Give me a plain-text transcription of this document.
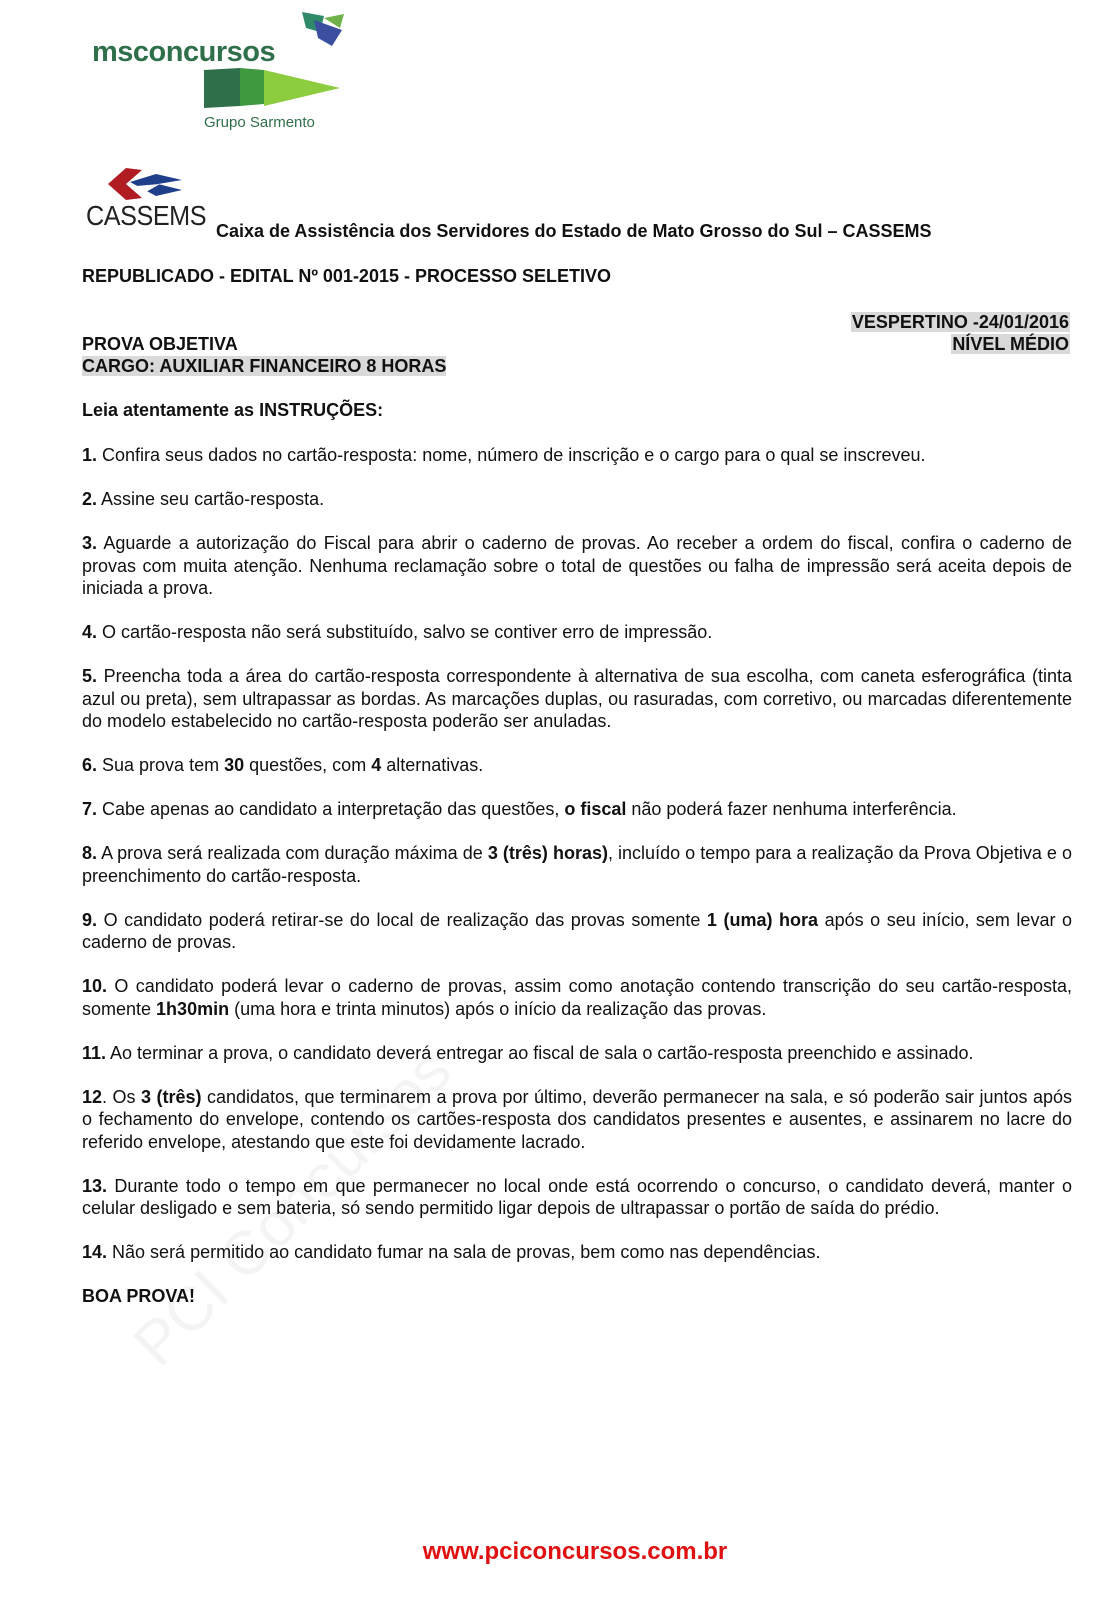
msconcursos
Grupo Sarmento
CASSEMS Caixa de Assistência dos Servidores do Estado de Mato Grosso do Sul – CASSEMS
REPUBLICADO - EDITAL Nº 001-2015 - PROCESSO SELETIVO
VESPERTINO -24/01/2016
NÍVEL MÉDIO
PROVA OBJETIVA
CARGO: AUXILIAR FINANCEIRO 8 HORAS
Leia atentamente as INSTRUÇÕES:
1. Confira seus dados no cartão-resposta: nome, número de inscrição e o cargo para o qual se inscreveu.
2. Assine seu cartão-resposta.
3. Aguarde a autorização do Fiscal para abrir o caderno de provas. Ao receber a ordem do fiscal, confira o caderno de provas com muita atenção. Nenhuma reclamação sobre o total de questões ou falha de impressão será aceita depois de iniciada a prova.
4. O cartão-resposta não será substituído, salvo se contiver erro de impressão.
5. Preencha toda a área do cartão-resposta correspondente à alternativa de sua escolha, com caneta esferográfica (tinta azul ou preta), sem ultrapassar as bordas. As marcações duplas, ou rasuradas, com corretivo, ou marcadas diferentemente do modelo estabelecido no cartão-resposta poderão ser anuladas.
6. Sua prova tem 30 questões, com 4 alternativas.
7. Cabe apenas ao candidato a interpretação das questões, o fiscal não poderá fazer nenhuma interferência.
8. A prova será realizada com duração máxima de 3 (três) horas), incluído o tempo para a realização da Prova Objetiva e o preenchimento do cartão-resposta.
9. O candidato poderá retirar-se do local de realização das provas somente 1 (uma) hora após o seu início, sem levar o caderno de provas.
10. O candidato poderá levar o caderno de provas, assim como anotação contendo transcrição do seu cartão-resposta, somente 1h30min (uma hora e trinta minutos) após o início da realização das provas.
11. Ao terminar a prova, o candidato deverá entregar ao fiscal de sala o cartão-resposta preenchido e assinado.
12. Os 3 (três) candidatos, que terminarem a prova por último, deverão permanecer na sala, e só poderão sair juntos após o fechamento do envelope, contendo os cartões-resposta dos candidatos presentes e ausentes, e assinarem no lacre do referido envelope, atestando que este foi devidamente lacrado.
13. Durante todo o tempo em que permanecer no local onde está ocorrendo o concurso, o candidato deverá, manter o celular desligado e sem bateria, só sendo permitido ligar depois de ultrapassar o portão de saída do prédio.
14. Não será permitido ao candidato fumar na sala de provas, bem como nas dependências.
BOA PROVA!
www.pciconcursos.com.br
